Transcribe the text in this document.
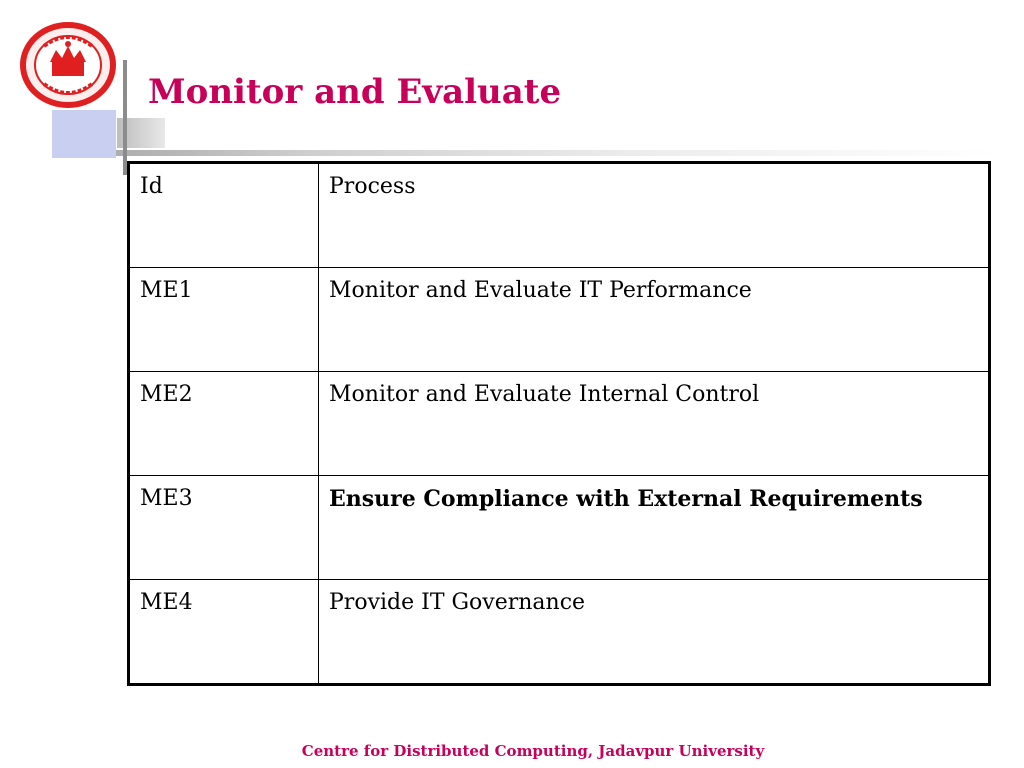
Monitor and Evaluate
Id	Process
ME1	Monitor and Evaluate IT Performance
ME2	Monitor and Evaluate Internal Control
ME3	Ensure Compliance with External Requirements
ME4	Provide IT Governance
Centre for Distributed Computing, Jadavpur University
